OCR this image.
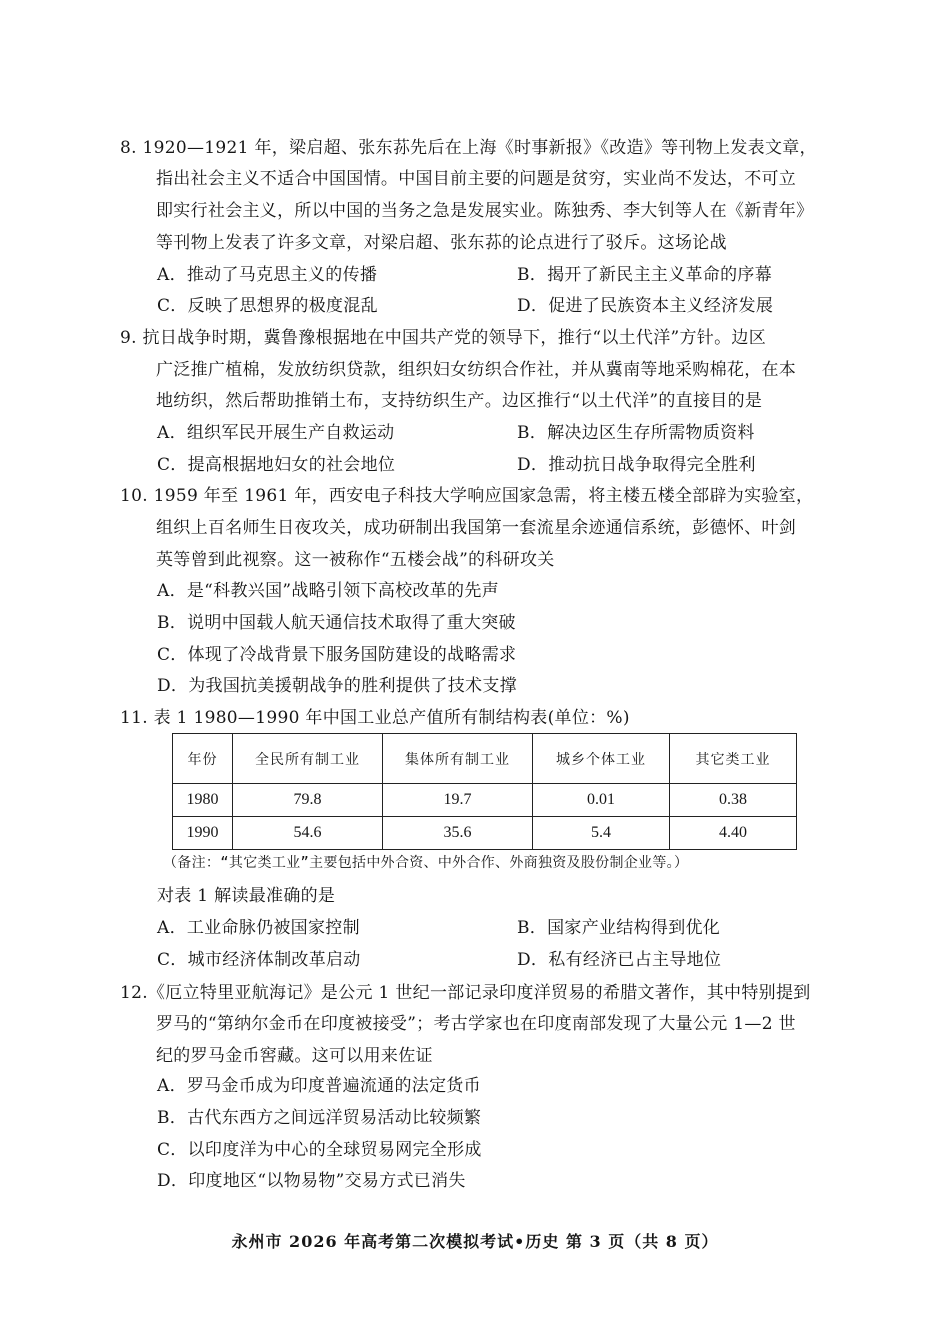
8. 1920—1921 年，梁启超、张东荪先后在上海《时事新报》《改造》等刊物上发表文章，
指出社会主义不适合中国国情。中国目前主要的问题是贫穷，实业尚不发达，不可立
即实行社会主义，所以中国的当务之急是发展实业。陈独秀、李大钊等人在《新青年》
等刊物上发表了许多文章，对梁启超、张东荪的论点进行了驳斥。这场论战
A．推动了马克思主义的传播	B．揭开了新民主主义革命的序幕
C．反映了思想界的极度混乱	D．促进了民族资本主义经济发展
9. 抗日战争时期，冀鲁豫根据地在中国共产党的领导下，推行“以土代洋”方针。边区
广泛推广植棉，发放纺织贷款，组织妇女纺织合作社，并从冀南等地采购棉花，在本
地纺织，然后帮助推销土布，支持纺织生产。边区推行“以土代洋”的直接目的是
A．组织军民开展生产自救运动	B．解决边区生存所需物质资料
C．提高根据地妇女的社会地位	D．推动抗日战争取得完全胜利
10. 1959 年至 1961 年，西安电子科技大学响应国家急需，将主楼五楼全部辟为实验室，
组织上百名师生日夜攻关，成功研制出我国第一套流星余迹通信系统，彭德怀、叶剑
英等曾到此视察。这一被称作“五楼会战”的科研攻关
A．是“科教兴国”战略引领下高校改革的先声
B．说明中国载人航天通信技术取得了重大突破
C．体现了冷战背景下服务国防建设的战略需求
D．为我国抗美援朝战争的胜利提供了技术支撑
11. 表 1 1980—1990 年中国工业总产值所有制结构表(单位：%)
年份	全民所有制工业	集体所有制工业	城乡个体工业	其它类工业
1980	79.8	19.7	0.01	0.38
1990	54.6	35.6	5.4	4.40
（备注：“其它类工业”主要包括中外合资、中外合作、外商独资及股份制企业等。）
对表 1 解读最准确的是
A．工业命脉仍被国家控制	B．国家产业结构得到优化
C．城市经济体制改革启动	D．私有经济已占主导地位
12.《厄立特里亚航海记》是公元 1 世纪一部记录印度洋贸易的希腊文著作，其中特别提到
罗马的“第纳尔金币在印度被接受”；考古学家也在印度南部发现了大量公元 1—2 世
纪的罗马金币窖藏。这可以用来佐证
A．罗马金币成为印度普遍流通的法定货币
B．古代东西方之间远洋贸易活动比较频繁
C．以印度洋为中心的全球贸易网完全形成
D．印度地区“以物易物”交易方式已消失
永州市 2026 年高考第二次模拟考试•历史 第 3 页（共 8 页）
